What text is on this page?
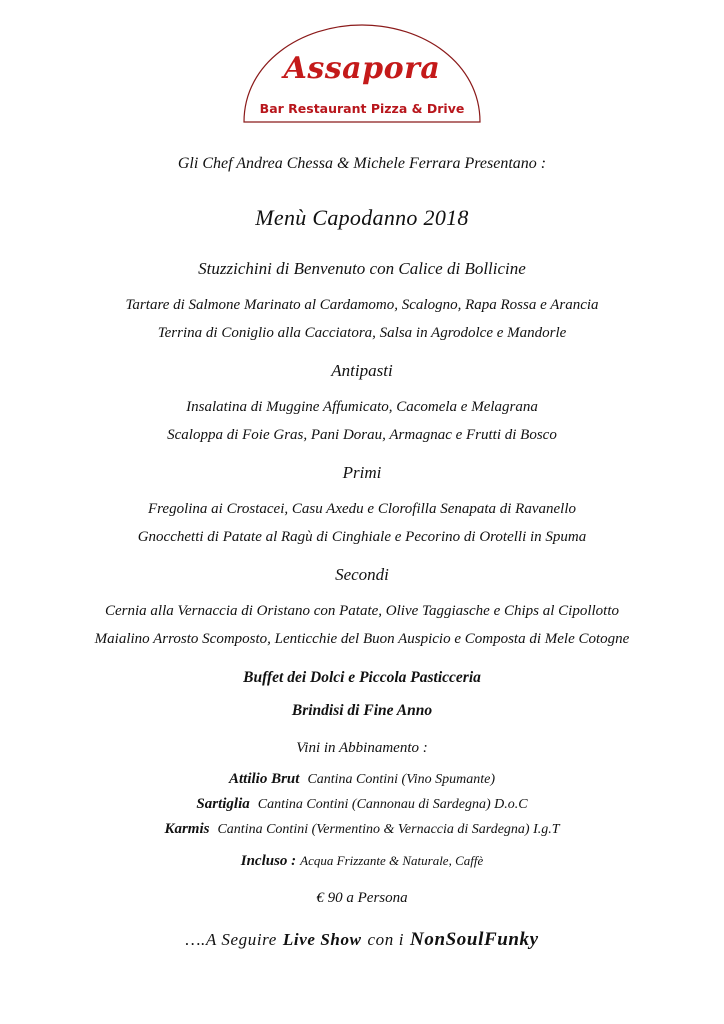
Assapora
Bar Restaurant Pizza & Drive
Gli Chef Andrea Chessa & Michele Ferrara Presentano :
Menù Capodanno 2018
Stuzzichini di Benvenuto con Calice di Bollicine
Tartare di Salmone Marinato al Cardamomo, Scalogno, Rapa Rossa e Arancia
Terrina di Coniglio alla Cacciatora, Salsa in Agrodolce e Mandorle
Antipasti
Insalatina di Muggine Affumicato, Cacomela e Melagrana
Scaloppa di Foie Gras, Pani Dorau, Armagnac e Frutti di Bosco
Primi
Fregolina ai Crostacei, Casu Axedu e Clorofilla Senapata di Ravanello
Gnocchetti di Patate al Ragù di Cinghiale e Pecorino di Orotelli in Spuma
Secondi
Cernia alla Vernaccia di Oristano con Patate, Olive Taggiasche e Chips al Cipollotto
Maialino Arrosto Scomposto, Lenticchie del Buon Auspicio e Composta di Mele Cotogne
Buffet dei Dolci e Piccola Pasticceria
Brindisi di Fine Anno
Vini in Abbinamento :
Attilio Brut Cantina Contini (Vino Spumante)
Sartiglia Cantina Contini (Cannonau di Sardegna) D.o.C
Karmis Cantina Contini (Vermentino & Vernaccia di Sardegna) I.g.T
Incluso : Acqua Frizzante & Naturale, Caffè
€ 90 a Persona
….A Seguire Live Show con i NonSoulFunky
